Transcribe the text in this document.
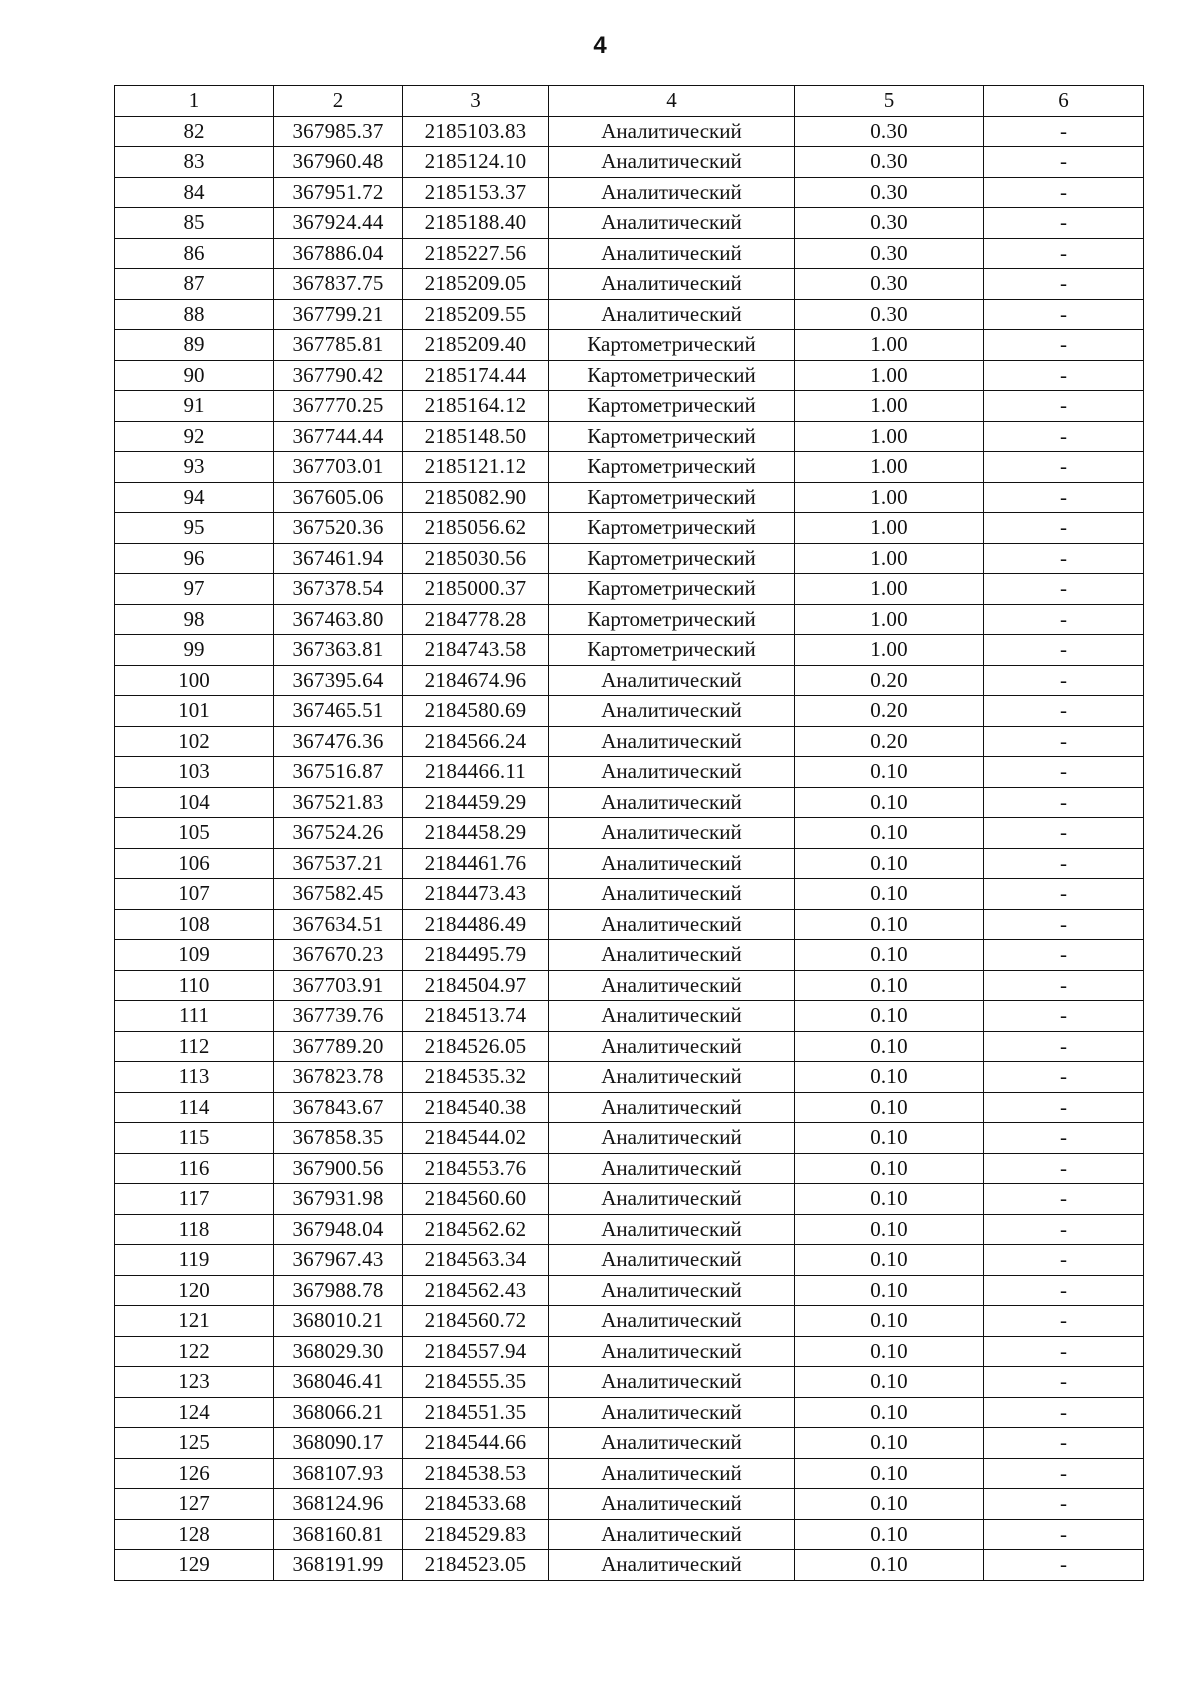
4
1	2	3	4	5	6
82	367985.37	2185103.83	Аналитический	0.30	-
83	367960.48	2185124.10	Аналитический	0.30	-
84	367951.72	2185153.37	Аналитический	0.30	-
85	367924.44	2185188.40	Аналитический	0.30	-
86	367886.04	2185227.56	Аналитический	0.30	-
87	367837.75	2185209.05	Аналитический	0.30	-
88	367799.21	2185209.55	Аналитический	0.30	-
89	367785.81	2185209.40	Картометрический	1.00	-
90	367790.42	2185174.44	Картометрический	1.00	-
91	367770.25	2185164.12	Картометрический	1.00	-
92	367744.44	2185148.50	Картометрический	1.00	-
93	367703.01	2185121.12	Картометрический	1.00	-
94	367605.06	2185082.90	Картометрический	1.00	-
95	367520.36	2185056.62	Картометрический	1.00	-
96	367461.94	2185030.56	Картометрический	1.00	-
97	367378.54	2185000.37	Картометрический	1.00	-
98	367463.80	2184778.28	Картометрический	1.00	-
99	367363.81	2184743.58	Картометрический	1.00	-
100	367395.64	2184674.96	Аналитический	0.20	-
101	367465.51	2184580.69	Аналитический	0.20	-
102	367476.36	2184566.24	Аналитический	0.20	-
103	367516.87	2184466.11	Аналитический	0.10	-
104	367521.83	2184459.29	Аналитический	0.10	-
105	367524.26	2184458.29	Аналитический	0.10	-
106	367537.21	2184461.76	Аналитический	0.10	-
107	367582.45	2184473.43	Аналитический	0.10	-
108	367634.51	2184486.49	Аналитический	0.10	-
109	367670.23	2184495.79	Аналитический	0.10	-
110	367703.91	2184504.97	Аналитический	0.10	-
111	367739.76	2184513.74	Аналитический	0.10	-
112	367789.20	2184526.05	Аналитический	0.10	-
113	367823.78	2184535.32	Аналитический	0.10	-
114	367843.67	2184540.38	Аналитический	0.10	-
115	367858.35	2184544.02	Аналитический	0.10	-
116	367900.56	2184553.76	Аналитический	0.10	-
117	367931.98	2184560.60	Аналитический	0.10	-
118	367948.04	2184562.62	Аналитический	0.10	-
119	367967.43	2184563.34	Аналитический	0.10	-
120	367988.78	2184562.43	Аналитический	0.10	-
121	368010.21	2184560.72	Аналитический	0.10	-
122	368029.30	2184557.94	Аналитический	0.10	-
123	368046.41	2184555.35	Аналитический	0.10	-
124	368066.21	2184551.35	Аналитический	0.10	-
125	368090.17	2184544.66	Аналитический	0.10	-
126	368107.93	2184538.53	Аналитический	0.10	-
127	368124.96	2184533.68	Аналитический	0.10	-
128	368160.81	2184529.83	Аналитический	0.10	-
129	368191.99	2184523.05	Аналитический	0.10	-
